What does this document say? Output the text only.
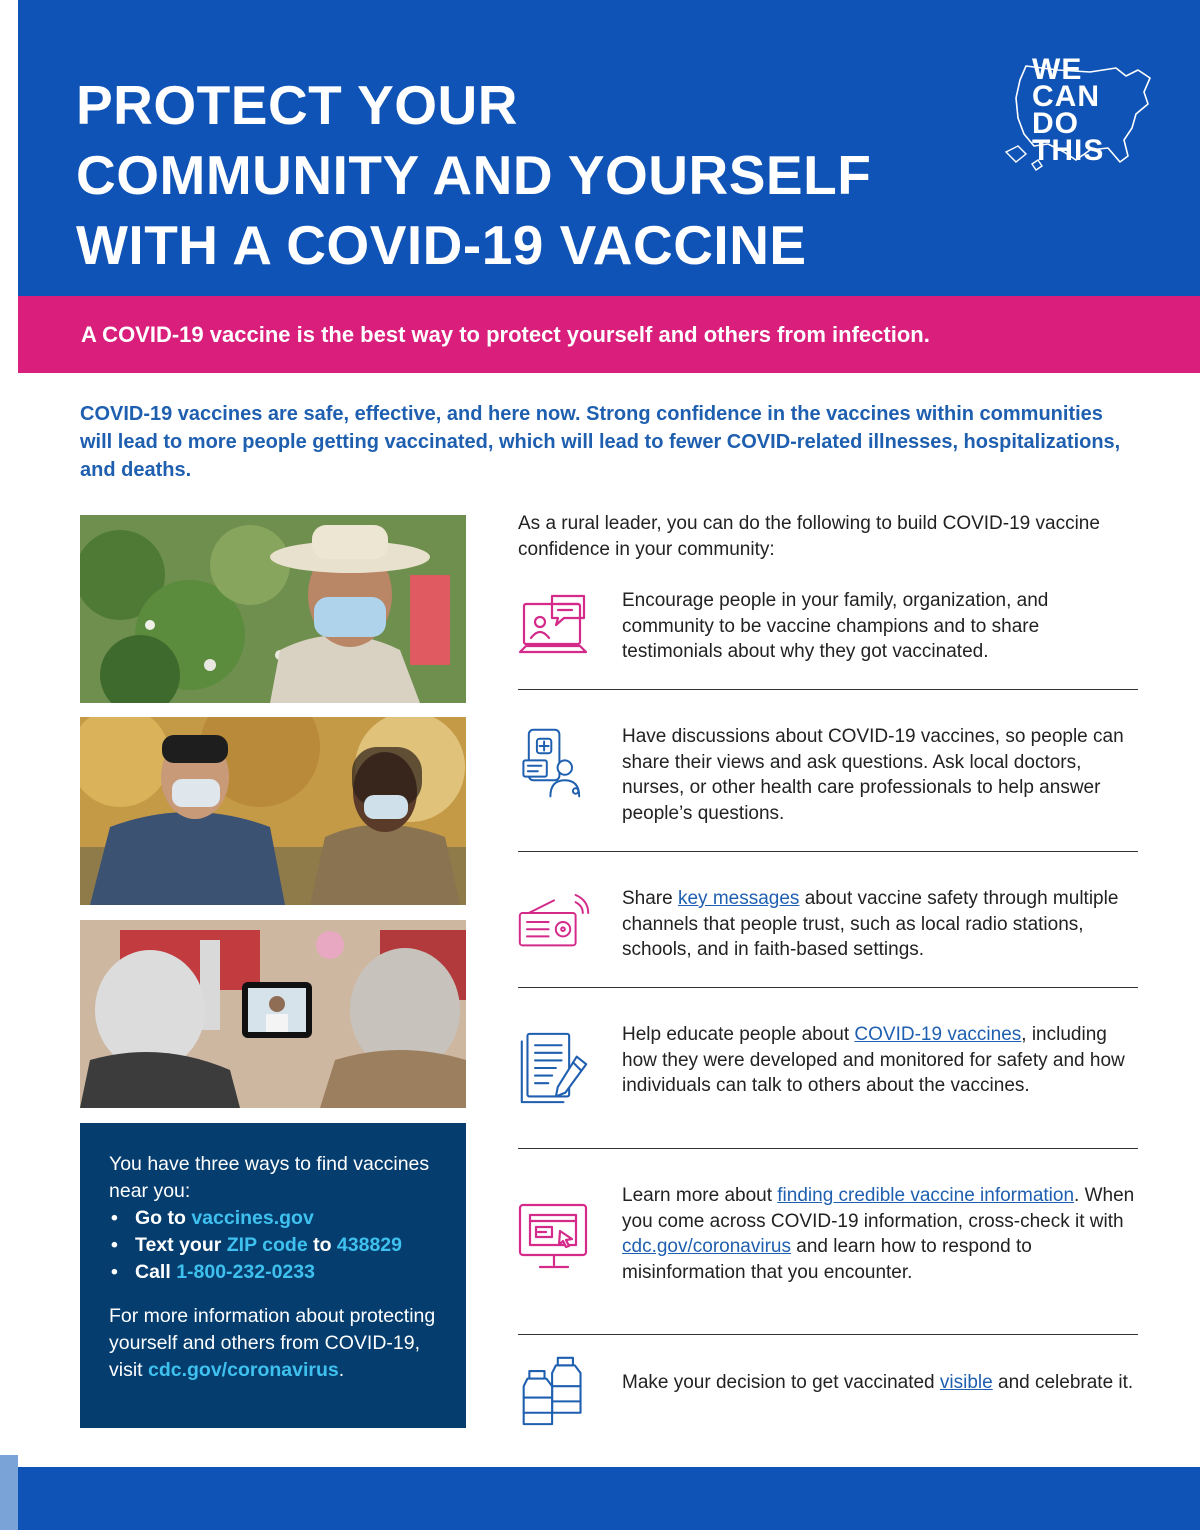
PROTECT YOUR
COMMUNITY AND YOURSELF
WITH A COVID-19 VACCINE
WE
CAN
DO
THIS
A COVID-19 vaccine is the best way to protect yourself and others from infection.

COVID-19 vaccines are safe, effective, and here now. Strong confidence in the vaccines within communities will lead to more people getting vaccinated, which will lead to fewer COVID-related illnesses, hospitalizations, and deaths.

You have three ways to find vaccines near you:

• Go to vaccines.gov
• Text your ZIP code to 438829
• Call 1-800-232-0233

For more information about protecting yourself and others from COVID-19, visit cdc.gov/coronavirus.

As a rural leader, you can do the following to build COVID-19 vaccine confidence in your community:

Encourage people in your family, organization, and community to be vaccine champions and to share testimonials about why they got vaccinated.

Have discussions about COVID-19 vaccines, so people can share their views and ask questions. Ask local doctors, nurses, or other health care professionals to help answer people’s questions.

Share key messages about vaccine safety through multiple channels that people trust, such as local radio stations, schools, and in faith-based settings.

Help educate people about COVID-19 vaccines, including how they were developed and monitored for safety and how individuals can talk to others about the vaccines.

Learn more about finding credible vaccine information. When you come across COVID-19 information, cross-check it with cdc.gov/coronavirus and learn how to respond to misinformation that you encounter.

Make your decision to get vaccinated visible and celebrate it.
